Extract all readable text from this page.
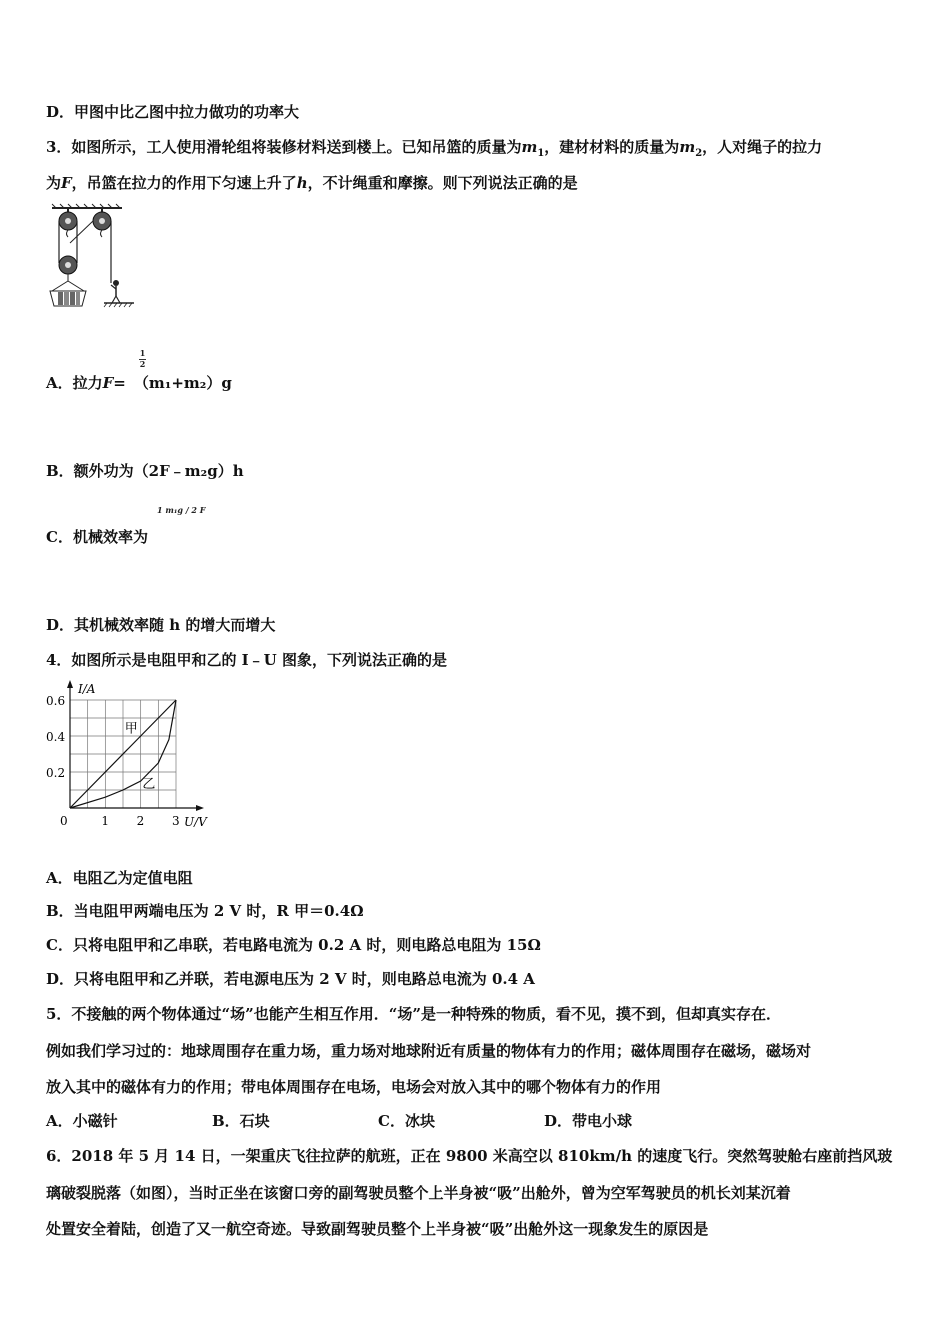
D．甲图中比乙图中拉力做功的功率大
3．如图所示，工人使用滑轮组将装修材料送到楼上。已知吊篮的质量为$m_1$，建材材料的质量为$m_2$，人对绳子的拉力
为F，吊篮在拉力的作用下匀速上升了h，不计绳重和摩擦。则下列说法正确的是
1
2
A．拉力F= （m₁+m₂）g
B．额外功为（2F﹣m₂g）h
1 m₁g / 2 F
C．机械效率为
D．其机械效率随 h 的增大而增大
4．如图所示是电阻甲和乙的 I﹣U 图象，下列说法正确的是
I/A
U/V
0	1 2 3
0.2
0.4
0.6
甲
乙
A．电阻乙为定值电阻
B．当电阻甲两端电压为 2 V 时，R 甲＝0.4Ω
C．只将电阻甲和乙串联，若电路电流为 0.2 A 时，则电路总电阻为 15Ω
D．只将电阻甲和乙并联，若电源电压为 2 V 时，则电路总电流为 0.4 A
5．不接触的两个物体通过“场”也能产生相互作用．“场”是一种特殊的物质，看不见，摸不到，但却真实存在．
例如我们学习过的：地球周围存在重力场，重力场对地球附近有质量的物体有力的作用；磁体周围存在磁场，磁场对
放入其中的磁体有力的作用；带电体周围存在电场，电场会对放入其中的哪个物体有力的作用
A．小磁针	B．石块	C．冰块	D．带电小球
6．2018 年 5 月 14 日，一架重庆飞往拉萨的航班，正在 9800 米高空以 810km/h 的速度飞行。突然驾驶舱右座前挡风玻
璃破裂脱落（如图），当时正坐在该窗口旁的副驾驶员整个上半身被“吸”出舱外，曾为空军驾驶员的机长刘某沉着
处置安全着陆，创造了又一航空奇迹。导致副驾驶员整个上半身被“吸”出舱外这一现象发生的原因是
